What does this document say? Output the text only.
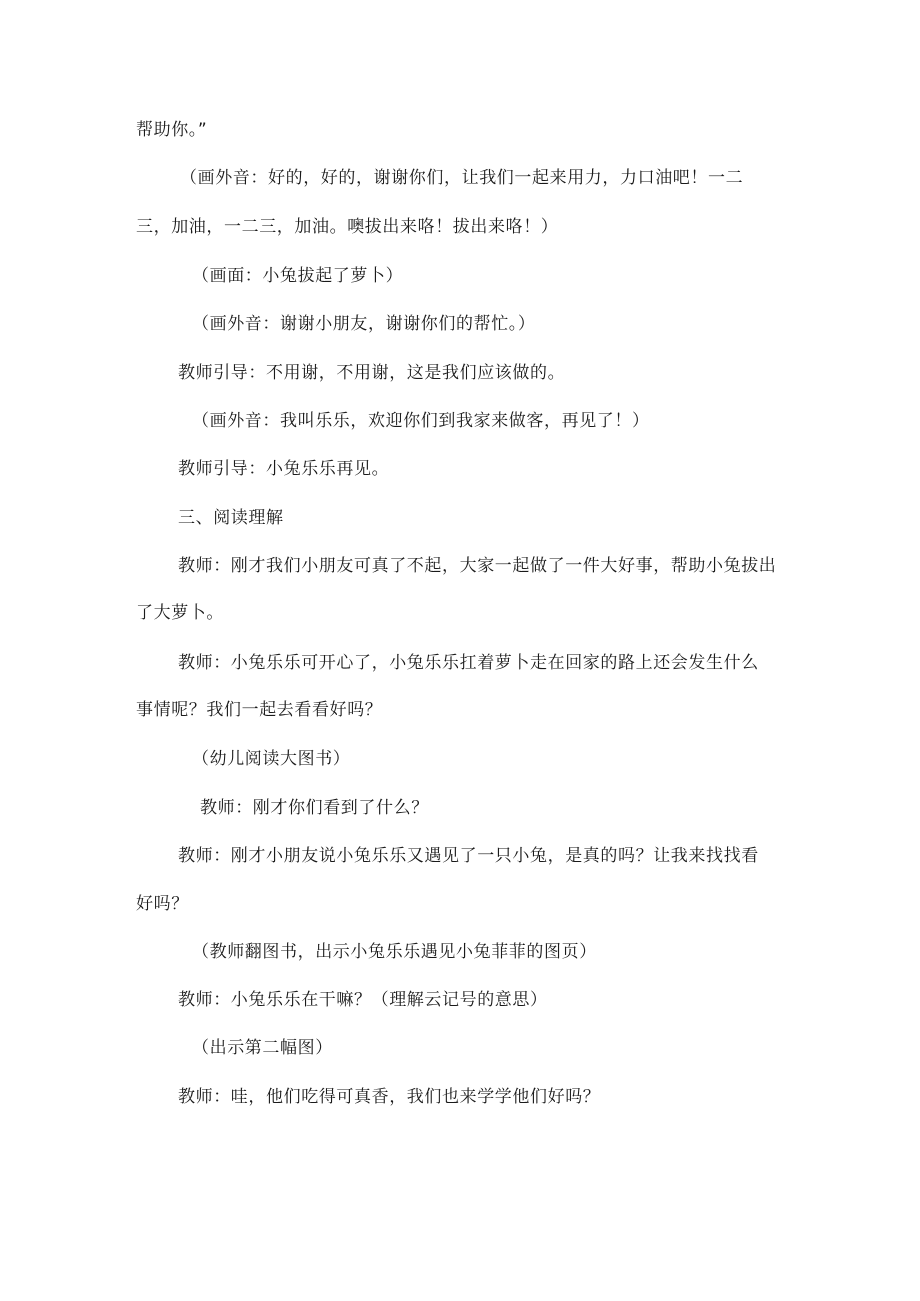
帮助你。”
（画外音：好的，好的，谢谢你们，让我们一起来用力，力口油吧！一二
三，加油，一二三，加油。噢拔出来咯！拔出来咯！）
（画面：小兔拔起了萝卜）
（画外音：谢谢小朋友，谢谢你们的帮忙。）
教师引导：不用谢，不用谢，这是我们应该做的。
（画外音：我叫乐乐，欢迎你们到我家来做客，再见了！）
教师引导：小兔乐乐再见。
三、阅读理解
教师：刚才我们小朋友可真了不起，大家一起做了一件大好事，帮助小兔拔出
了大萝卜。
教师：小兔乐乐可开心了，小兔乐乐扛着萝卜走在回家的路上还会发生什么
事情呢？我们一起去看看好吗？
（幼儿阅读大图书）
教师：刚才你们看到了什么？
教师：刚才小朋友说小兔乐乐又遇见了一只小兔，是真的吗？让我来找找看
好吗？
（教师翻图书，出示小兔乐乐遇见小兔菲菲的图页）
教师：小兔乐乐在干嘛？（理解云记号的意思）
（出示第二幅图）
教师：哇，他们吃得可真香，我们也来学学他们好吗？
